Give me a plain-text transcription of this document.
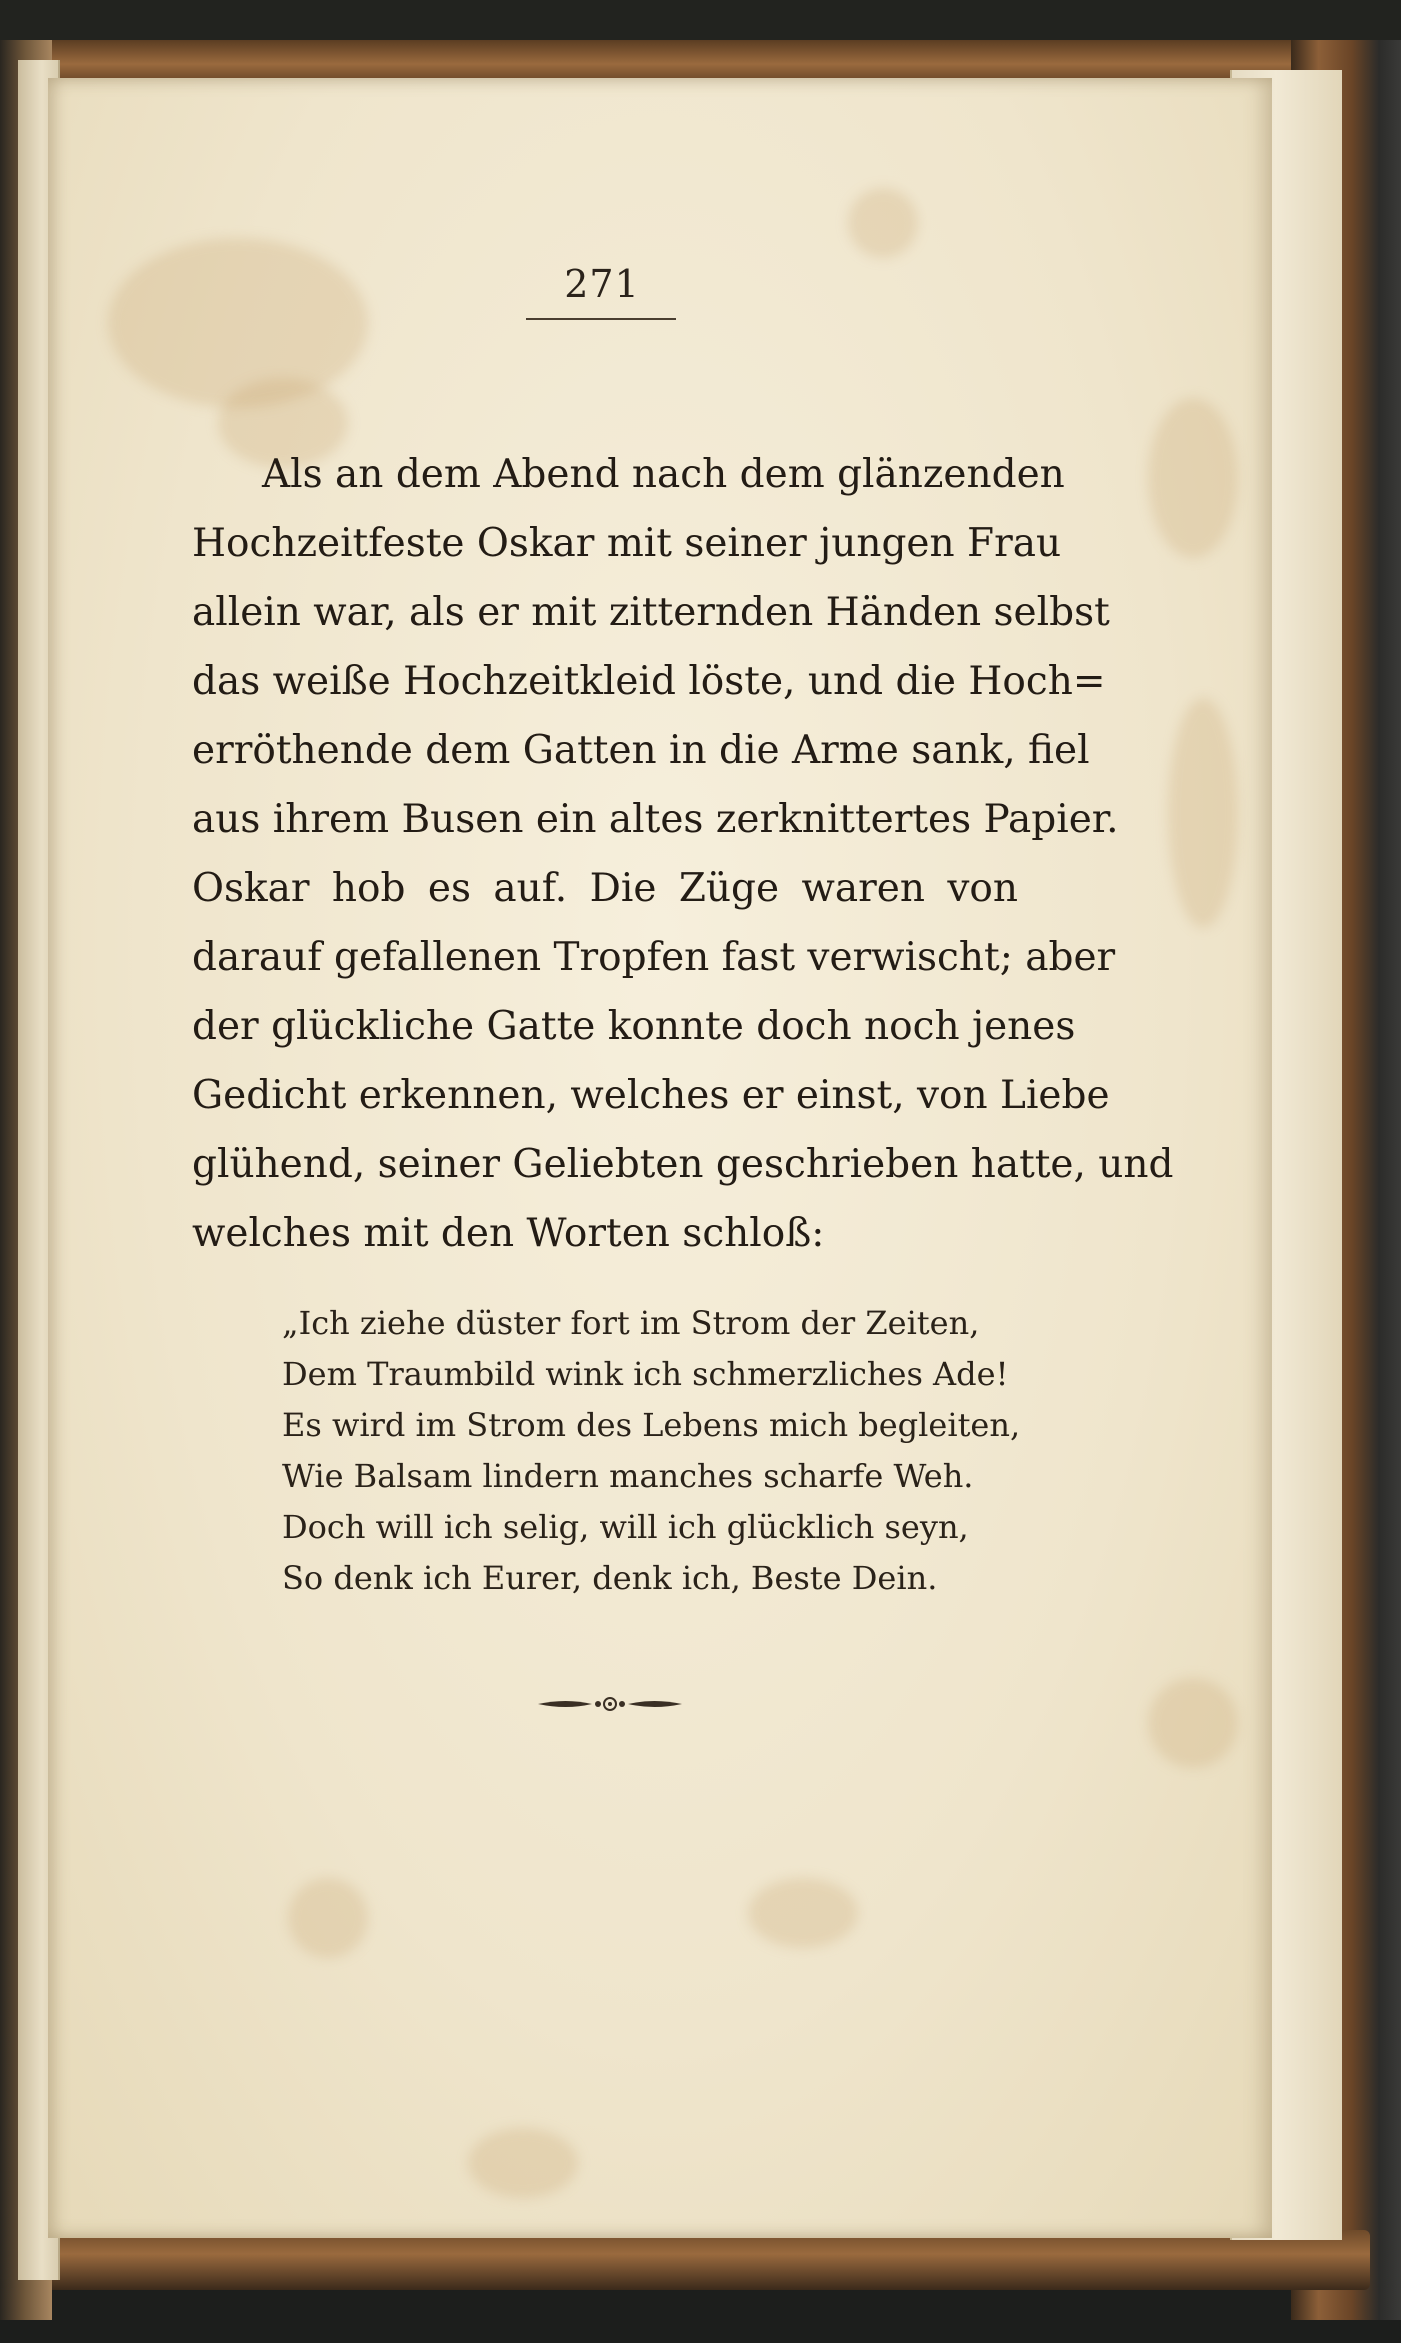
271
Als an dem Abend nach dem glänzenden
Hochzeitfeste Oskar mit seiner jungen Frau
allein war, als er mit zitternden Händen selbst
das weiße Hochzeitkleid löste, und die Hoch=
erröthende dem Gatten in die Arme sank, fiel
aus ihrem Busen ein altes zerknittertes Papier.
Oskar hob es auf. Die Züge waren von
darauf gefallenen Tropfen fast verwischt; aber
der glückliche Gatte konnte doch noch jenes
Gedicht erkennen, welches er einst, von Liebe
glühend, seiner Geliebten geschrieben hatte, und
welches mit den Worten schloß:
„Ich ziehe düster fort im Strom der Zeiten,
Dem Traumbild wink ich schmerzliches Ade!
Es wird im Strom des Lebens mich begleiten,
Wie Balsam lindern manches scharfe Weh.
Doch will ich selig, will ich glücklich seyn,
So denk ich Eurer, denk ich, Beste Dein.
